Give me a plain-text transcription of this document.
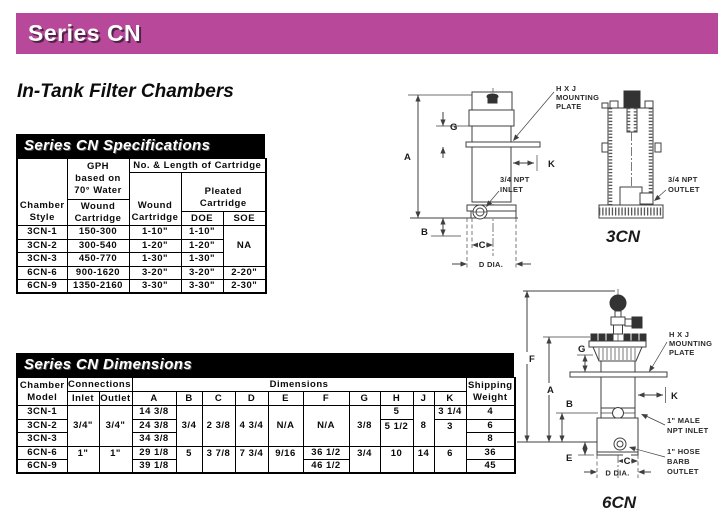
Series CN
In-Tank Filter Chambers
Series CN Specifications
Chamber
Style

GPH
based on
70° Water
	No. & Length of Cartridge

Wound
Cartridge

Pleated
Cartridge

	Wound
Cartridge			

			DOE	SOE
3CN-1	150-300	1-10"	1-10"	NA
3CN-2	300-540	1-20"	1-20"	
3CN-3	450-770	1-30"	1-30"	
6CN-6	900-1620	3-20"	3-20"	2-20"
6CN-9	1350-2160	3-30"	3-30"	2-30"
Series CN Dimensions
Chamber
Model
	Connections	Dimensions	Shipping
Weight

	Inlet	Outlet	A	B	C	D	E	F	G	H	J	K	
3CN-1	3/4"	3/4"	14 3/8	3/4	2 3/8	4 3/4	N/A	N/A	3/8	5	8	3 1/4	4
3CN-2			24 3/8							5 1/2		3	6
3CN-3			34 3/8										8
6CN-6	1"	1"	29 1/8	5	3 7/8	7 3/4	9/16	36 1/2	3/4	10	14	6	36
6CN-9			39 1/8					46 1/2					45
A
G
K
B
C
D DIA.
H X J
MOUNTING
PLATE
3/4 NPT
INLET
3/4 NPT
OUTLET
3CN
F
A
G
B
E
K
C
D DIA.
H X J
MOUNTING
PLATE
1" MALE
NPT INLET
1" HOSE
BARB
OUTLET
6CN
